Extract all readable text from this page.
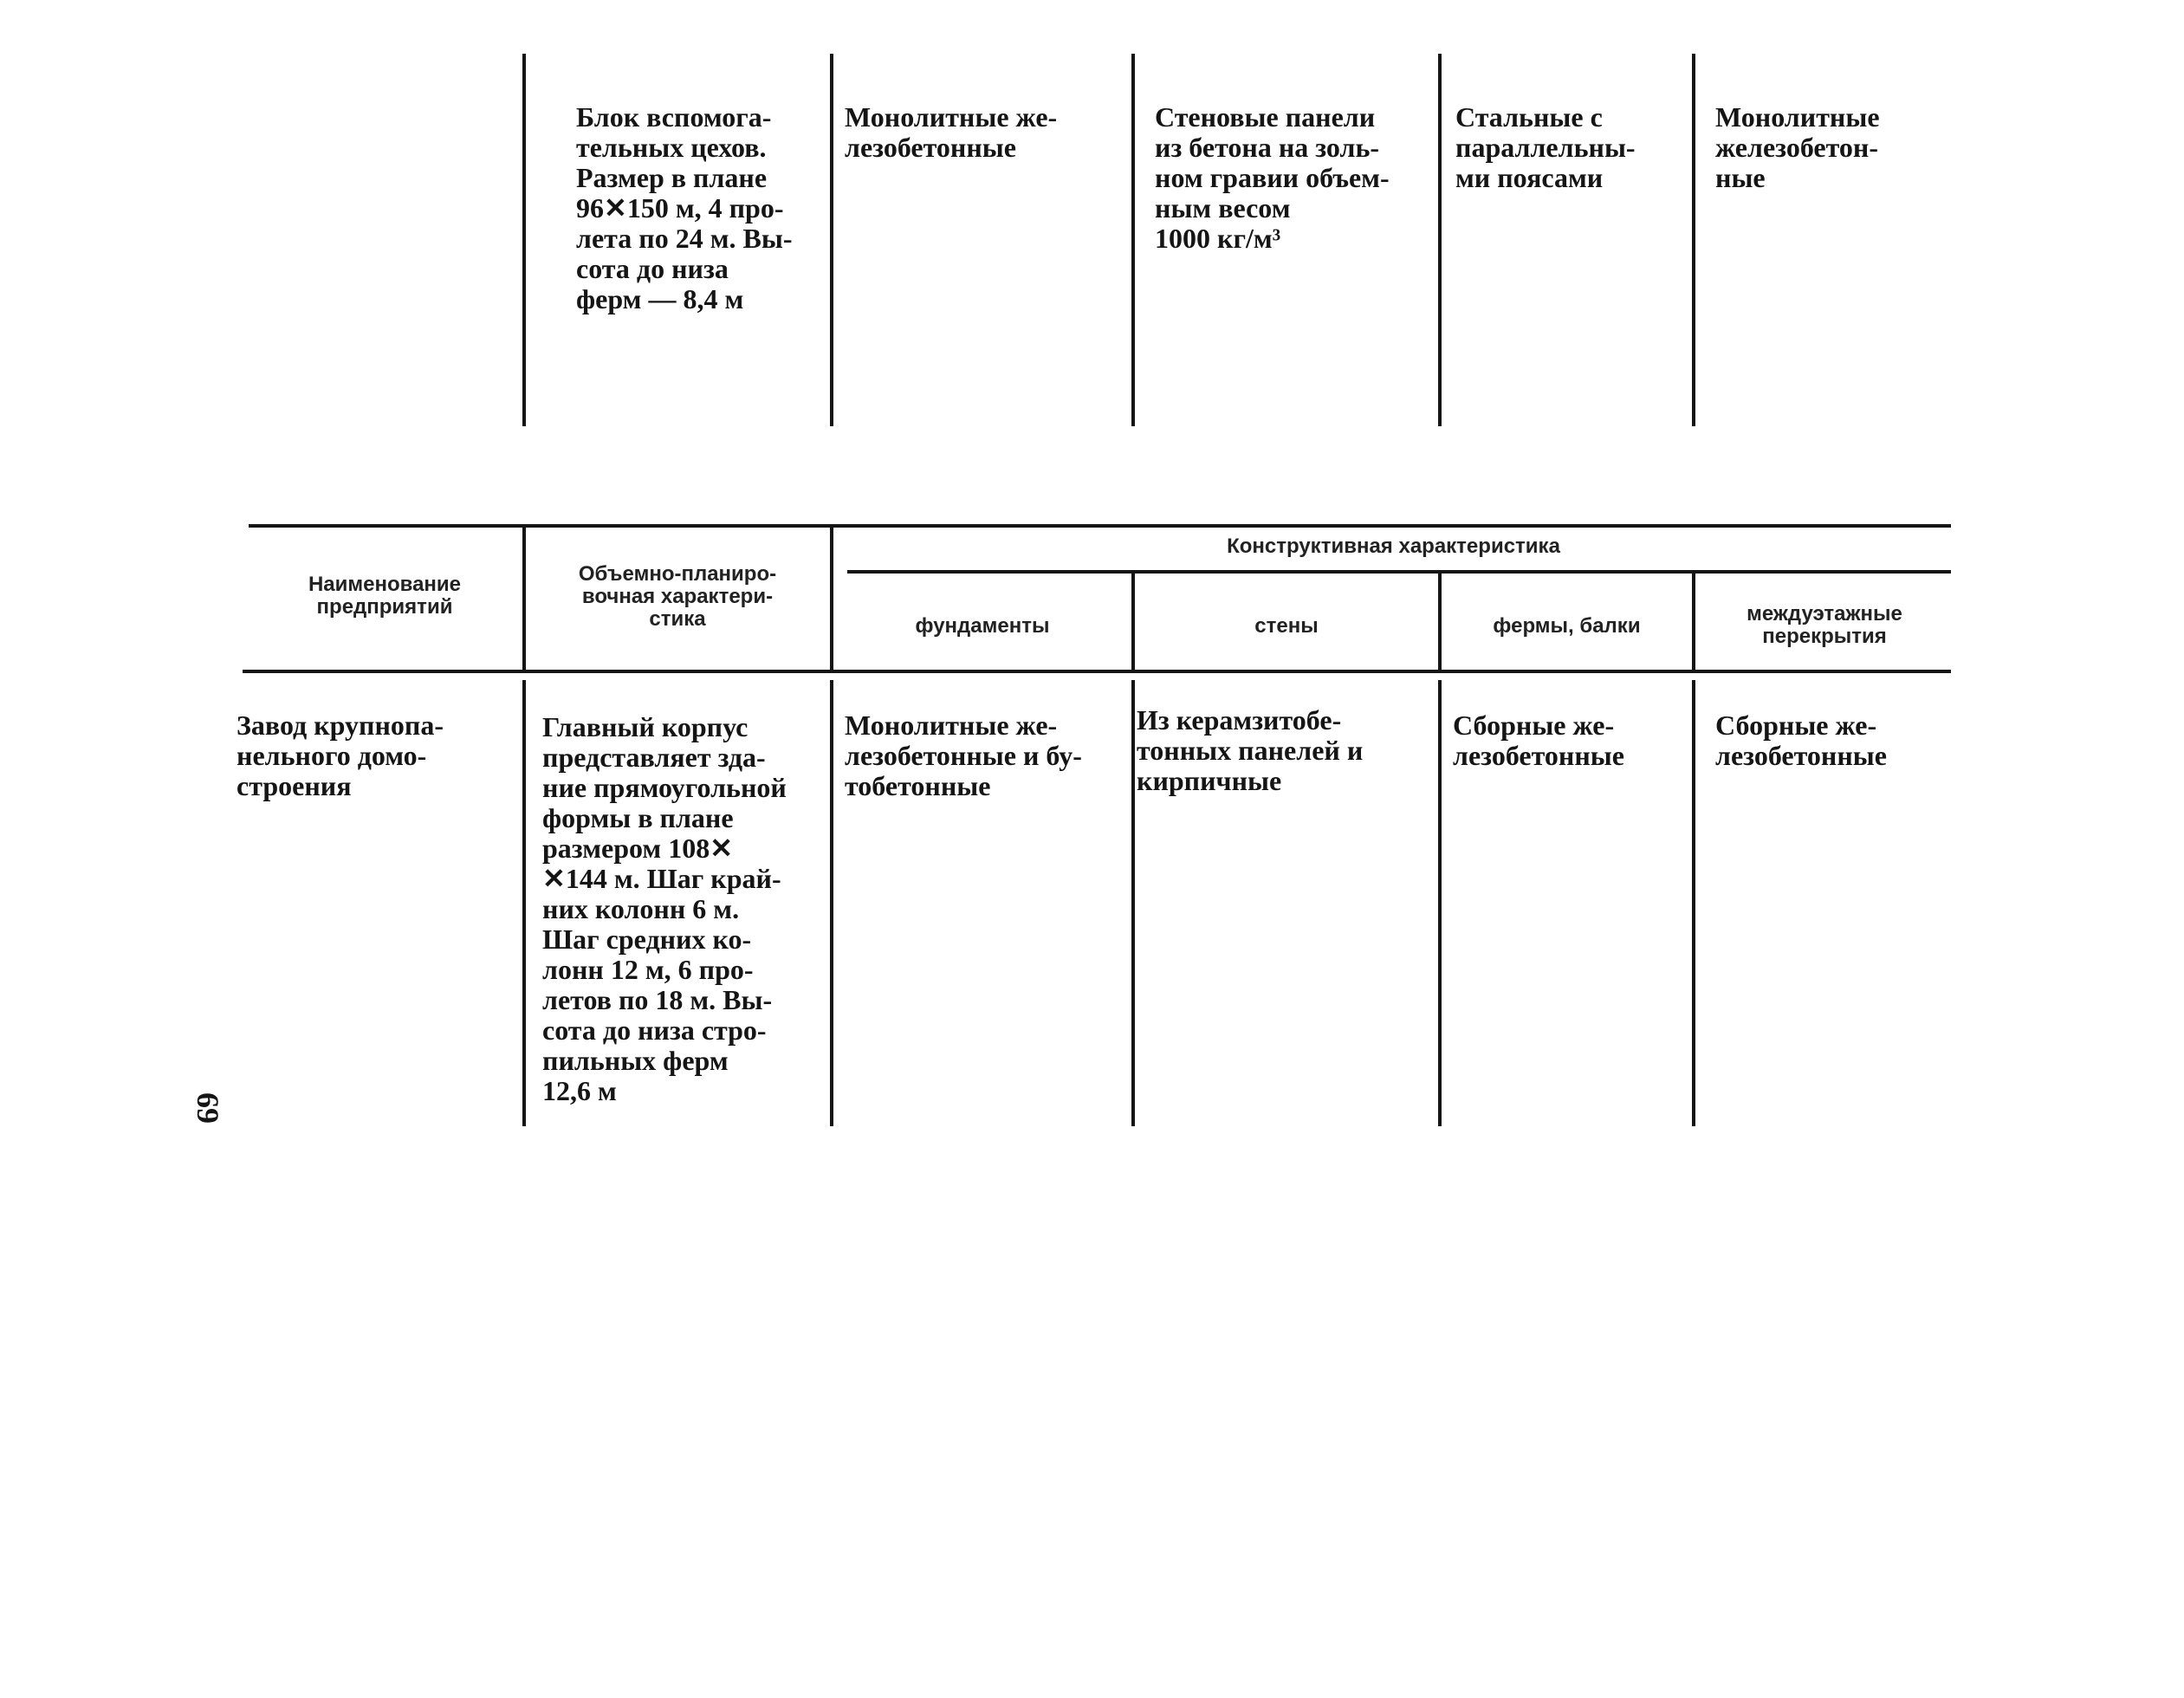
Блок вспомога-
тельных цехов.
Размер в плане
96✕150 м, 4 про-
лета по 24 м. Вы-
сота до низа
ферм — 8,4 м
Монолитные же-
лезобетонные
Стеновые панели
из бетона на золь-
ном гравии объем-
ным весом
1000 кг/м³
Стальные с
параллельны-
ми поясами
Монолитные
железобетон-
ные
Наименование
предприятий
Объемно-планиро-
вочная характери-
стика
Конструктивная характеристика
фундаменты	стены	фермы, балки
междуэтажные
перекрытия
Завод крупнопа-
нельного домо-
строения
Главный корпус
представляет зда-
ние прямоугольной
формы в плане
размером 108✕
✕144 м. Шаг край-
них колонн 6 м.
Шаг средних ко-
лонн 12 м, 6 про-
летов по 18 м. Вы-
сота до низа стро-
пильных ферм
12,6 м
Монолитные же-
лезобетонные и бу-
тобетонные
Из керамзитобе-
тонных панелей и
кирпичные
Сборные же-
лезобетонные
Сборные же-
лезобетонные
69
